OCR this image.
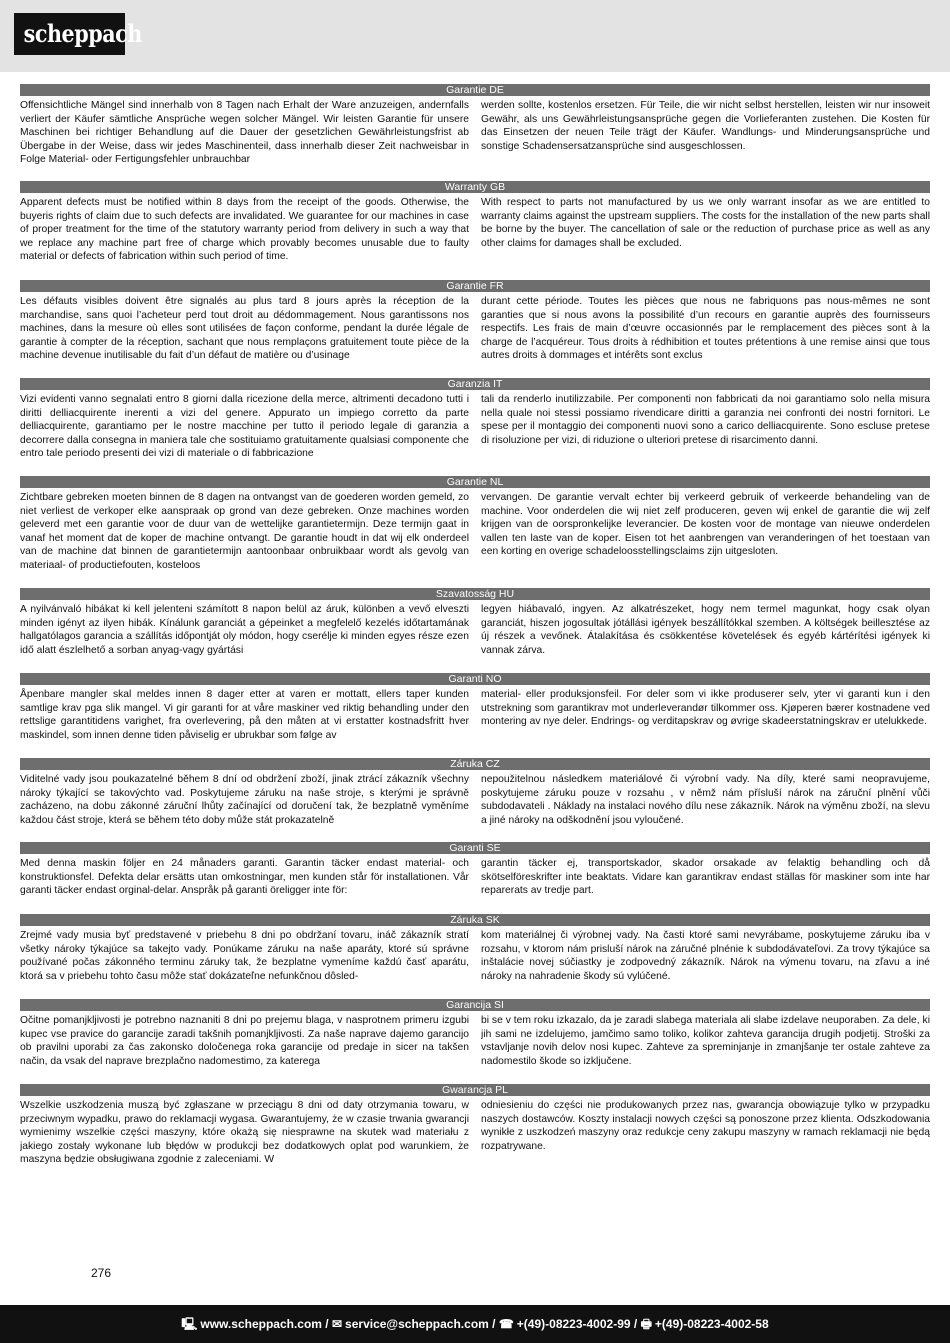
scheppach
Garantie DE
Offensichtliche Mängel sind innerhalb von 8 Tagen nach Erhalt der Ware anzuzeigen, andernfalls verliert der Käufer sämtliche Ansprüche wegen solcher Mängel. Wir leisten Garantie für unsere Maschinen bei richtiger Behandlung auf die Dauer der gesetzlichen Gewährleistungsfrist ab Übergabe in der Weise, dass wir jedes Maschinenteil, dass innerhalb dieser Zeit nachweisbar in Folge Material- oder Fertigungsfehler unbrauchbar
werden sollte, kostenlos ersetzen. Für Teile, die wir nicht selbst herstellen, leisten wir nur insoweit Gewähr, als uns Gewährleistungsansprüche gegen die Vorlieferanten zustehen. Die Kosten für das Einsetzen der neuen Teile trägt der Käufer. Wandlungs- und Minderungsansprüche und sonstige Schadensersatzansprüche sind ausgeschlossen.
Warranty GB
Apparent defects must be notified within 8 days from the receipt of the goods. Otherwise, the buyeris rights of claim due to such defects are invalidated. We guarantee for our machines in case of proper treatment for the time of the statutory warranty period from delivery in such a way that we replace any machine part free of charge which provably becomes unusable due to faulty material or defects of fabrication within such period of time.
With respect to parts not manufactured by us we only warrant insofar as we are entitled to warranty claims against the upstream suppliers. The costs for the installation of the new parts shall be borne by the buyer. The cancellation of sale or the reduction of purchase price as well as any other claims for damages shall be excluded.
Garantie FR
Les défauts visibles doivent être signalés au plus tard 8 jours après la réception de la marchandise, sans quoi l’acheteur perd tout droit au dédommagement. Nous garantissons nos machines, dans la mesure où elles sont utilisées de façon conforme, pendant la durée légale de garantie à compter de la réception, sachant que nous remplaçons gratuitement toute pièce de la machine devenue inutilisable du fait d’un défaut de matière ou d’usinage
durant cette période. Toutes les pièces que nous ne fabriquons pas nous-mêmes ne sont garanties que si nous avons la possibilité d’un recours en garantie auprès des fournisseurs respectifs. Les frais de main d’œuvre occasionnés par le remplacement des pièces sont à la charge de l’acquéreur. Tous droits à rédhibition et toutes prétentions à une remise ainsi que tous autres droits à dommages et intérêts sont exclus
Garanzia IT
Vizi evidenti vanno segnalati entro 8 giorni dalla ricezione della merce, altrimenti decadono tutti i diritti delliacquirente inerenti a vizi del genere. Appurato un impiego corretto da parte delliacquirente, garantiamo per le nostre macchine per tutto il periodo legale di garanzia a decorrere dalla consegna in maniera tale che sostituiamo gratuitamente qualsiasi componente che entro tale periodo presenti dei vizi di materiale o di fabbricazione
tali da renderlo inutilizzabile. Per componenti non fabbricati da noi garantiamo solo nella misura nella quale noi stessi possiamo rivendicare diritti a garanzia nei confronti dei nostri fornitori. Le spese per il montaggio dei componenti nuovi sono a carico delliacquirente. Sono escluse pretese di risoluzione per vizi, di riduzione o ulteriori pretese di risarcimento danni.
Garantie NL
Zichtbare gebreken moeten binnen de 8 dagen na ontvangst van de goederen worden gemeld, zo niet verliest de verkoper elke aanspraak op grond van deze gebreken. Onze machines worden geleverd met een garantie voor de duur van de wettelijke garantietermijn. Deze termijn gaat in vanaf het moment dat de koper de machine ontvangt. De garantie houdt in dat wij elk onderdeel van de machine dat binnen de garantietermijn aantoonbaar onbruikbaar wordt als gevolg van materiaal- of productiefouten, kosteloos
vervangen. De garantie vervalt echter bij verkeerd gebruik of verkeerde behandeling van de machine. Voor onderdelen die wij niet zelf produceren, geven wij enkel de garantie die wij zelf krijgen van de oorspronkelijke leverancier. De kosten voor de montage van nieuwe onderdelen vallen ten laste van de koper. Eisen tot het aanbrengen van veranderingen of het toestaan van een korting en overige schadeloosstellingsclaims zijn uitgesloten.
Szavatosság HU
A nyilvánvaló hibákat ki kell jelenteni számított 8 napon belül az áruk, különben a vevő elveszti minden igényt az ilyen hibák. Kínálunk garanciát a gépeinket a megfelelő kezelés időtartamának hallgatólagos garancia a szállítás időpontját oly módon, hogy cserélje ki minden egyes része ezen idő alatt észlelhető a sorban anyag-vagy gyártási
legyen hiábavaló, ingyen. Az alkatrészeket, hogy nem termel magunkat, hogy csak olyan garanciát, hiszen jogosultak jótállási igények beszállítókkal szemben. A költségek beillesztése az új részek a vevőnek. Átalakítása és csökkentése követelések és egyéb kártérítési igények ki vannak zárva.
Garanti NO
Åpenbare mangler skal meldes innen 8 dager etter at varen er mottatt, ellers taper kunden samtlige krav pga slik mangel. Vi gir garanti for at våre maskiner ved riktig behandling under den rettslige garantitidens varighet, fra overlevering, på den måten at vi erstatter kostnadsfritt hver maskindel, som innen denne tiden påviselig er ubrukbar som følge av
material- eller produksjonsfeil. For deler som vi ikke produserer selv, yter vi garanti kun i den utstrekning som garantikrav mot underleverandør tilkommer oss. Kjøperen bærer kostnadene ved montering av nye deler. Endrings- og verditapskrav og øvrige skadeerstatningskrav er utelukkede.
Záruka CZ
Viditelné vady jsou poukazatelné během 8 dní od obdržení zboží, jinak ztrácí zákazník všechny nároky týkající se takovýchto vad. Poskytujeme záruku na naše stroje, s kterými je správně zacházeno, na dobu zákonné záruční lhůty začínající od doručení tak, že bezplatně vyměníme každou část stroje, která se během této doby může stát prokazatelně
nepoužitelnou následkem materiálové či výrobní vady. Na díly, které sami neopravujeme, poskytujeme záruku pouze v rozsahu , v němž nám přísluší nárok na záruční plnění vůči subdodavateli . Náklady na instalaci nového dílu nese zákazník. Nárok na výměnu zboží, na slevu a jiné nároky na odškodnění jsou vyloučené.
Garanti SE
Med denna maskin följer en 24 månaders garanti. Garantin täcker endast material- och konstruktionsfel. Defekta delar ersätts utan omkostningar, men kunden står för installationen. Vår garanti täcker endast orginal-delar. Anspråk på garanti öreligger inte för:
garantin täcker ej, transportskador, skador orsakade av felaktig behandling och då skötselföreskrifter inte beaktats. Vidare kan garantikrav endast ställas för maskiner som inte har reparerats av tredje part.
Záruka SK
Zrejmé vady musia byť predstavené v priebehu 8 dni po obdržaní tovaru, ináč zákazník stratí všetky nároky týkajúce sa takejto vady. Ponúkame záruku na naše aparáty, ktoré sú správne používané počas zákonného terminu záruky tak, že bezplatne vymeníme každú časť aparátu, ktorá sa v priebehu tohto času môže stať dokázateľne nefunkčnou dôsled-
kom materiálnej či výrobnej vady. Na časti ktoré sami nevyrábame, poskytujeme záruku iba v rozsahu, v ktorom nám prisluší nárok na záručné plnénie k subdodávateľovi. Za trovy týkajúce sa inštalácie novej súčiastky je zodpovedný zákazník. Nárok na výmenu tovaru, na zľavu a iné nároky na nahradenie škody sú vylúčené.
Garancija SI
Očitne pomanjkljivosti je potrebno naznaniti 8 dni po prejemu blaga, v nasprotnem primeru izgubi kupec vse pravice do garancije zaradi takšnih pomanjkljivosti. Za naše naprave dajemo garancijo ob pravilni uporabi za čas zakonsko določenega roka garancije od predaje in sicer na takšen način, da vsak del naprave brezplačno nadomestimo, za katerega
bi se v tem roku izkazalo, da je zaradi slabega materiala ali slabe izdelave neuporaben. Za dele, ki jih sami ne izdelujemo, jamčimo samo toliko, kolikor zahteva garancija drugih podjetij. Stroški za vstavljanje novih delov nosi kupec. Zahteve za spreminjanje in zmanjšanje ter ostale zahteve za nadomestilo škode so izključene.
Gwarancja PL
Wszelkie uszkodzenia muszą być zgłaszane w przeciągu 8 dni od daty otrzymania towaru, w przeciwnym wypadku, prawo do reklamacji wygasa. Gwarantujemy, że w czasie trwania gwarancji wymienimy wszelkie części maszyny, które okażą się niesprawne na skutek wad materiału z jakiego zostały wykonane lub błędów w produkcji bez dodatkowych oplat pod warunkiem, że maszyna będzie obsługiwana zgodnie z zaleceniami. W
odniesieniu do części nie produkowanych przez nas, gwarancja obowiązuje tylko w przypadku naszych dostawców. Koszty instalacji nowych części są ponoszone przez klienta. Odszkodowania wynikłe z uszkodzeń maszyny oraz redukcje ceny zakupu maszyny w ramach reklamacji nie będą rozpatrywane.
276
🖳 www.scheppach.com / ✉ service@scheppach.com / ☎ +(49)-08223-4002-99 / 🖶 +(49)-08223-4002-58
